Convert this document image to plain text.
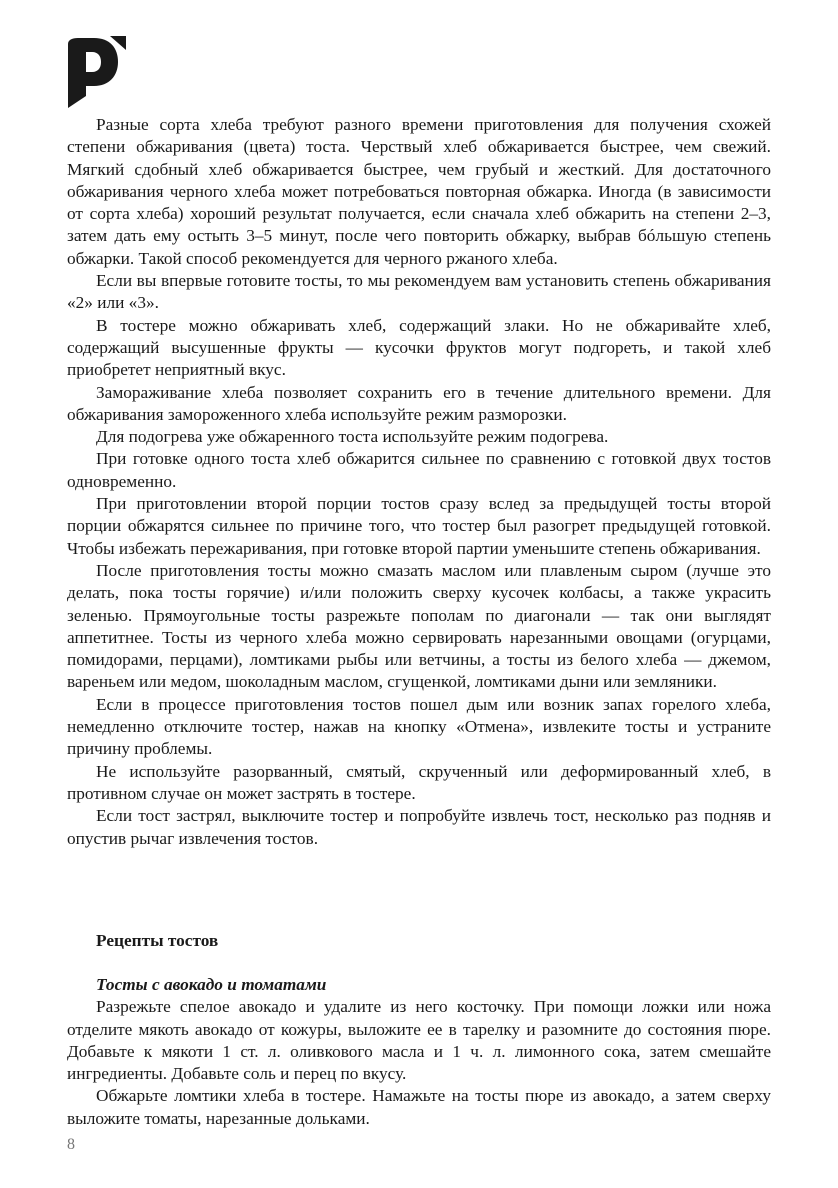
Разные сорта хлеба требуют разного времени приготовления для получения схожей степени обжаривания (цвета) тоста. Черствый хлеб обжаривается быстрее, чем свежий. Мягкий сдобный хлеб обжаривается быстрее, чем грубый и жесткий. Для достаточного обжаривания черного хлеба может потребоваться повторная обжарка. Иногда (в зависимости от сорта хлеба) хороший результат получается, если сначала хлеб обжарить на степени 2–3, затем дать ему остыть 3–5 минут, после чего повторить обжарку, выбрав бóльшую степень обжарки. Такой способ рекомендуется для черного ржаного хлеба.

Если вы впервые готовите тосты, то мы рекомендуем вам установить степень обжаривания «2» или «3».

В тостере можно обжаривать хлеб, содержащий злаки. Но не обжаривайте хлеб, содержащий высушенные фрукты — кусочки фруктов могут подгореть, и такой хлеб приобретет неприятный вкус.

Замораживание хлеба позволяет сохранить его в течение длительного времени. Для обжаривания замороженного хлеба используйте режим разморозки.

Для подогрева уже обжаренного тоста используйте режим подогрева.

При готовке одного тоста хлеб обжарится сильнее по сравнению с готовкой двух тостов одновременно.

При приготовлении второй порции тостов сразу вслед за предыдущей тосты второй порции обжарятся сильнее по причине того, что тостер был разогрет предыдущей готовкой. Чтобы избежать пережаривания, при готовке второй партии уменьшите степень обжаривания.

После приготовления тосты можно смазать маслом или плавленым сыром (лучше это делать, пока тосты горячие) и/или положить сверху кусочек колбасы, а также украсить зеленью. Прямоугольные тосты разрежьте пополам по диагонали — так они выглядят аппетитнее. Тосты из черного хлеба можно сервировать нарезанными овощами (огурцами, помидорами, перцами), ломтиками рыбы или ветчины, а тосты из белого хлеба — джемом, вареньем или медом, шоколадным маслом, сгущенкой, ломтиками дыни или земляники.

Если в процессе приготовления тостов пошел дым или возник запах горелого хлеба, немедленно отключите тостер, нажав на кнопку «Отмена», извлеките тосты и устраните причину проблемы.

Не используйте разорванный, смятый, скрученный или деформированный хлеб, в противном случае он может застрять в тостере.

Если тост застрял, выключите тостер и попробуйте извлечь тост, несколько раз подняв и опустив рычаг извлечения тостов.

Рецепты тостов

Тосты с авокадо и томатами

Разрежьте спелое авокадо и удалите из него косточку. При помощи ложки или ножа отделите мякоть авокадо от кожуры, выложите ее в тарелку и разомните до состояния пюре. Добавьте к мякоти 1 ст. л. оливкового масла и 1 ч. л. лимонного сока, затем смешайте ингредиенты. Добавьте соль и перец по вкусу.

Обжарьте ломтики хлеба в тостере. Намажьте на тосты пюре из авокадо, а затем сверху выложите томаты, нарезанные дольками.

8
